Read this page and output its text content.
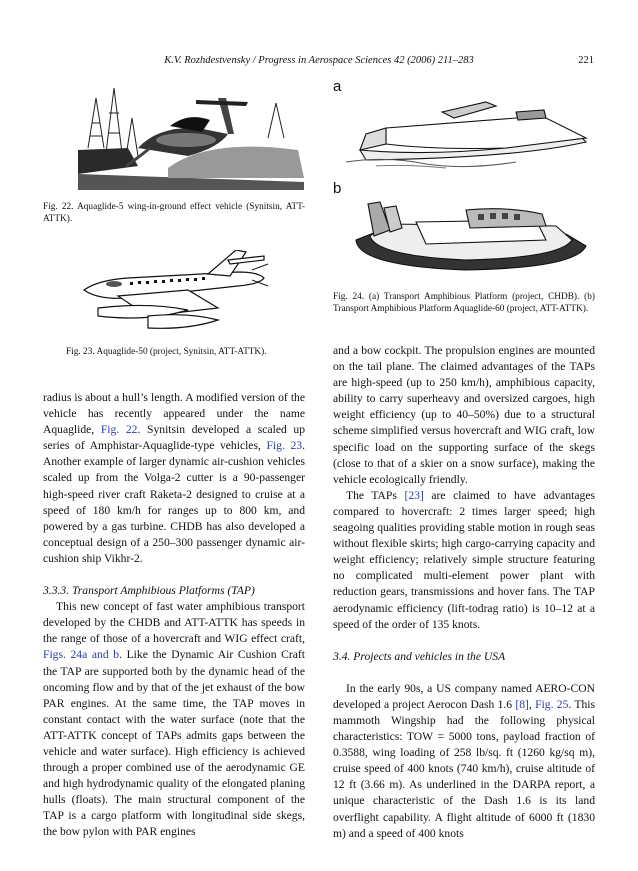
K.V. Rozhdestvensky / Progress in Aerospace Sciences 42 (2006) 211–283	221
Fig. 22. Aquaglide-5 wing-in-ground effect vehicle (Synitsin, ATT-ATTK).
Fig. 23. Aquaglide-50 (project, Synitsin, ATT-ATTK).
a
b
Fig. 24. (a) Transport Amphibious Platform (project, CHDB). (b) Transport Amphibious Platform Aquaglide-60 (project, ATT-ATTK).

radius is about a hull’s length. A modified version of the vehicle has recently appeared under the name Aquaglide, Fig. 22. Synitsin developed a scaled up series of Amphistar-Aquaglide-type vehicles, Fig. 23. Another example of larger dynamic air-cushion vehicles scaled up from the Volga-2 cutter is a 90-passenger high-speed river craft Raketa-2 designed to cruise at a speed of 180 km/h for ranges up to 800 km, and powered by a gas turbine. CHDB has also developed a conceptual design of a 250–300 passenger dynamic air-cushion ship Vikhr-2.

3.3.3. Transport Amphibious Platforms (TAP)

This new concept of fast water amphibious transport developed by the CHDB and ATT-ATTK has speeds in the range of those of a hovercraft and WIG effect craft, Figs. 24a and b. Like the Dynamic Air Cushion Craft the TAP are supported both by the dynamic head of the oncoming flow and by that of the jet exhaust of the bow PAR engines. At the same time, the TAP moves in constant contact with the water surface (note that the ATT-ATTK concept of TAPs admits gaps between the vehicle and water surface). High efficiency is achieved through a proper combined use of the aerodynamic GE and high hydrodynamic quality of the elongated planing hulls (floats). The main structural component of the TAP is a cargo platform with longitudinal side skegs, the bow pylon with PAR engines

and a bow cockpit. The propulsion engines are mounted on the tail plane. The claimed advantages of the TAPs are high-speed (up to 250 km/h), amphibious capacity, ability to carry superheavy and oversized cargoes, high weight efficiency (up to 40–50%) due to a structural scheme simplified versus hovercraft and WIG craft, low specific load on the supporting surface of the skegs (close to that of a skier on a snow surface), making the vehicle ecologically friendly.

The TAPs [23] are claimed to have advantages compared to hovercraft: 2 times larger speed; high seagoing qualities providing stable motion in rough seas without flexible skirts; high cargo-carrying capacity and weight efficiency; relatively simple structure featuring no complicated multi-element power plant with reduction gears, transmissions and hover fans. The TAP aerodynamic efficiency (lift-todrag ratio) is 10–12 at a speed of the order of 135 knots.

3.4. Projects and vehicles in the USA

In the early 90s, a US company named AERO-CON developed a project Aerocon Dash 1.6 [8], Fig. 25. This mammoth Wingship had the following physical characteristics: TOW = 5000 tons, payload fraction of 0.3588, wing loading of 258 lb/sq. ft (1260 kg/sq m), cruise speed of 400 knots (740 km/h), cruise altitude of 12 ft (3.66 m). As underlined in the DARPA report, a unique characteristic of the Dash 1.6 is its land overflight capability. A flight altitude of 6000 ft (1830 m) and a speed of 400 knots
